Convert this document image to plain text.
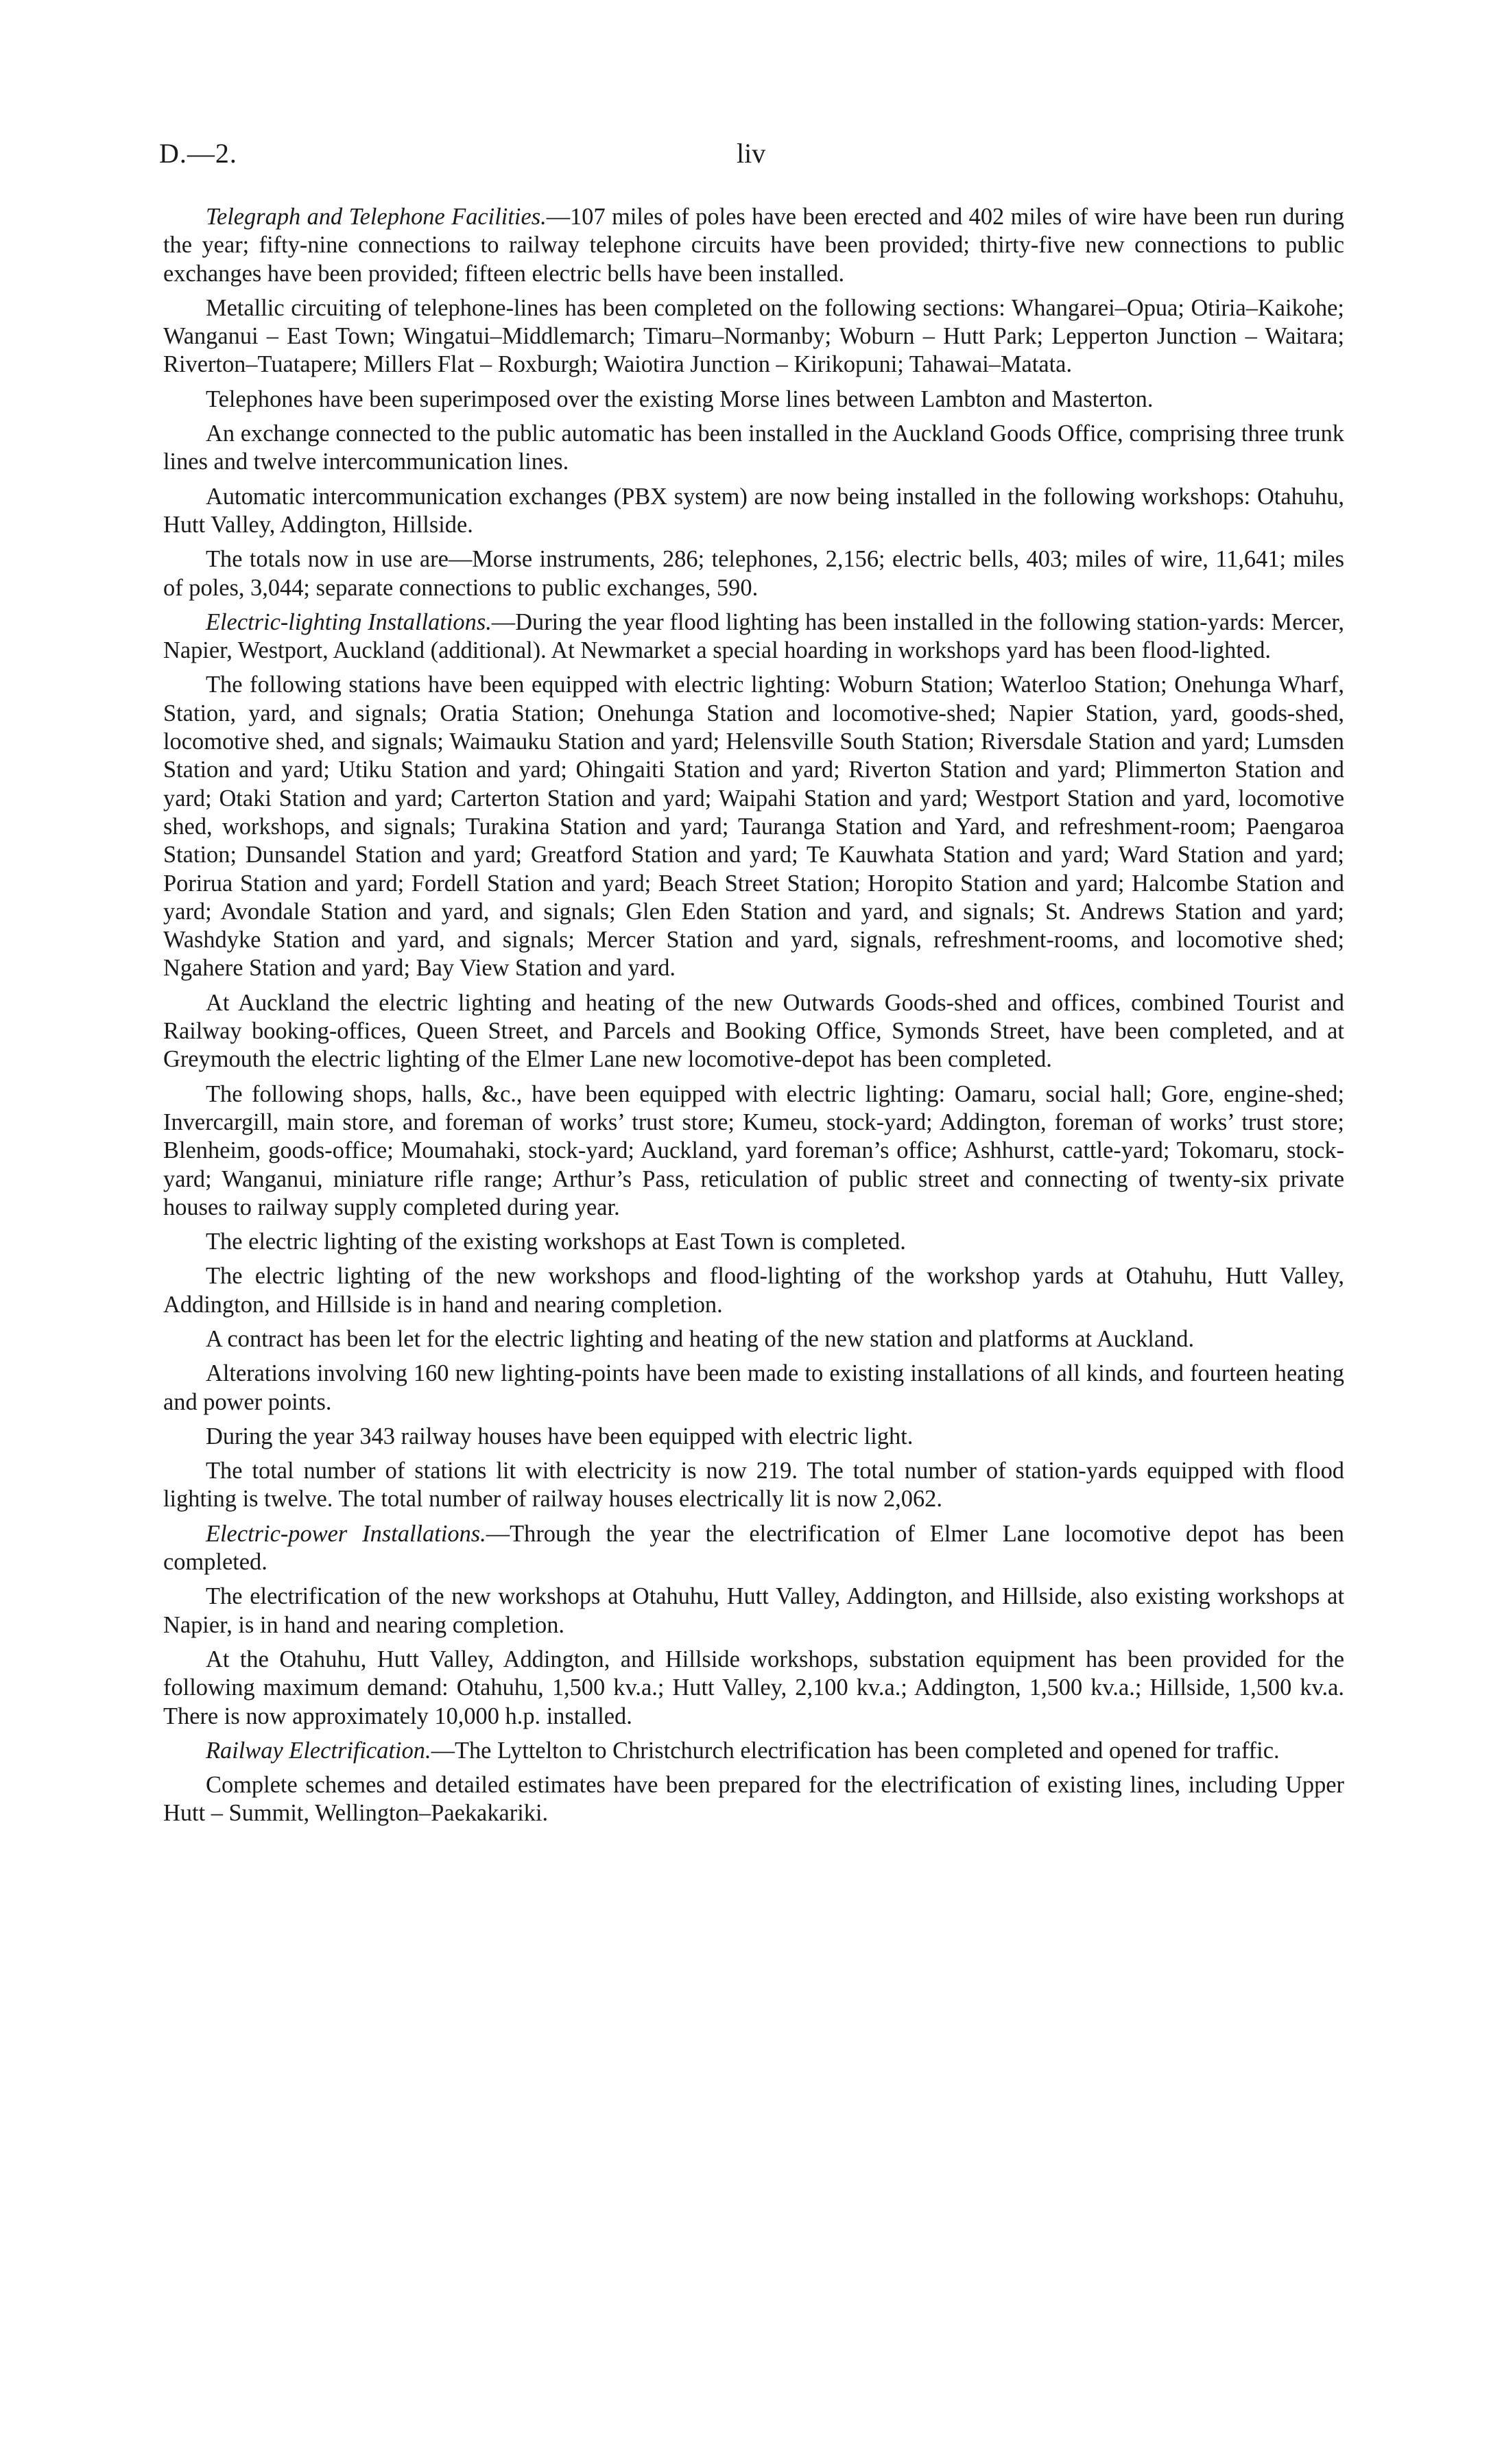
D.—2.	liv

Telegraph and Telephone Facilities.—107 miles of poles have been erected and 402 miles of wire have been run during the year; fifty-nine connections to railway telephone circuits have been provided; thirty-five new connections to public exchanges have been provided; fifteen electric bells have been installed.

Metallic circuiting of telephone-lines has been completed on the following sections: Whangarei–Opua; Otiria–Kaikohe; Wanganui – East Town; Wingatui–Middlemarch; Timaru–Normanby; Woburn – Hutt Park; Lepperton Junction – Waitara; Riverton–Tuatapere; Millers Flat – Roxburgh; Waiotira Junction – Kirikopuni; Tahawai–Matata.

Telephones have been superimposed over the existing Morse lines between Lambton and Masterton.

An exchange connected to the public automatic has been installed in the Auckland Goods Office, comprising three trunk lines and twelve intercommunication lines.

Automatic intercommunication exchanges (PBX system) are now being installed in the following workshops: Otahuhu, Hutt Valley, Addington, Hillside.

The totals now in use are—Morse instruments, 286; telephones, 2,156; electric bells, 403; miles of wire, 11,641; miles of poles, 3,044; separate connections to public exchanges, 590.

Electric-lighting Installations.—During the year flood lighting has been installed in the following station-yards: Mercer, Napier, Westport, Auckland (additional). At Newmarket a special hoarding in workshops yard has been flood-lighted.

The following stations have been equipped with electric lighting: Woburn Station; Waterloo Station; Onehunga Wharf, Station, yard, and signals; Oratia Station; Onehunga Station and locomotive-shed; Napier Station, yard, goods-shed, locomotive shed, and signals; Waimauku Station and yard; Helensville South Station; Riversdale Station and yard; Lumsden Station and yard; Utiku Station and yard; Ohingaiti Station and yard; Riverton Station and yard; Plimmerton Station and yard; Otaki Station and yard; Carterton Station and yard; Waipahi Station and yard; Westport Station and yard, locomotive shed, workshops, and signals; Turakina Station and yard; Tauranga Station and Yard, and refreshment-room; Paengaroa Station; Dunsandel Station and yard; Greatford Station and yard; Te Kauwhata Station and yard; Ward Station and yard; Porirua Station and yard; Fordell Station and yard; Beach Street Station; Horopito Station and yard; Halcombe Station and yard; Avondale Station and yard, and signals; Glen Eden Station and yard, and signals; St. Andrews Station and yard; Washdyke Station and yard, and signals; Mercer Station and yard, signals, refreshment-rooms, and locomotive shed; Ngahere Station and yard; Bay View Station and yard.

At Auckland the electric lighting and heating of the new Outwards Goods-shed and offices, combined Tourist and Railway booking-offices, Queen Street, and Parcels and Booking Office, Symonds Street, have been completed, and at Greymouth the electric lighting of the Elmer Lane new locomotive-depot has been completed.

The following shops, halls, &c., have been equipped with electric lighting: Oamaru, social hall; Gore, engine-shed; Invercargill, main store, and foreman of works’ trust store; Kumeu, stock-yard; Addington, foreman of works’ trust store; Blenheim, goods-office; Moumahaki, stock-yard; Auckland, yard foreman’s office; Ashhurst, cattle-yard; Tokomaru, stock-yard; Wanganui, miniature rifle range; Arthur’s Pass, reticulation of public street and connecting of twenty-six private houses to railway supply completed during year.

The electric lighting of the existing workshops at East Town is completed.

The electric lighting of the new workshops and flood-lighting of the workshop yards at Otahuhu, Hutt Valley, Addington, and Hillside is in hand and nearing completion.

A contract has been let for the electric lighting and heating of the new station and platforms at Auckland.

Alterations involving 160 new lighting-points have been made to existing installations of all kinds, and fourteen heating and power points.

During the year 343 railway houses have been equipped with electric light.

The total number of stations lit with electricity is now 219. The total number of station-yards equipped with flood lighting is twelve. The total number of railway houses electrically lit is now 2,062.

Electric-power Installations.—Through the year the electrification of Elmer Lane locomotive depot has been completed.

The electrification of the new workshops at Otahuhu, Hutt Valley, Addington, and Hillside, also existing workshops at Napier, is in hand and nearing completion.

At the Otahuhu, Hutt Valley, Addington, and Hillside workshops, substation equipment has been provided for the following maximum demand: Otahuhu, 1,500 kv.a.; Hutt Valley, 2,100 kv.a.; Addington, 1,500 kv.a.; Hillside, 1,500 kv.a. There is now approximately 10,000 h.p. installed.

Railway Electrification.—The Lyttelton to Christchurch electrification has been completed and opened for traffic.

Complete schemes and detailed estimates have been prepared for the electrification of existing lines, including Upper Hutt – Summit, Wellington–Paekakariki.
